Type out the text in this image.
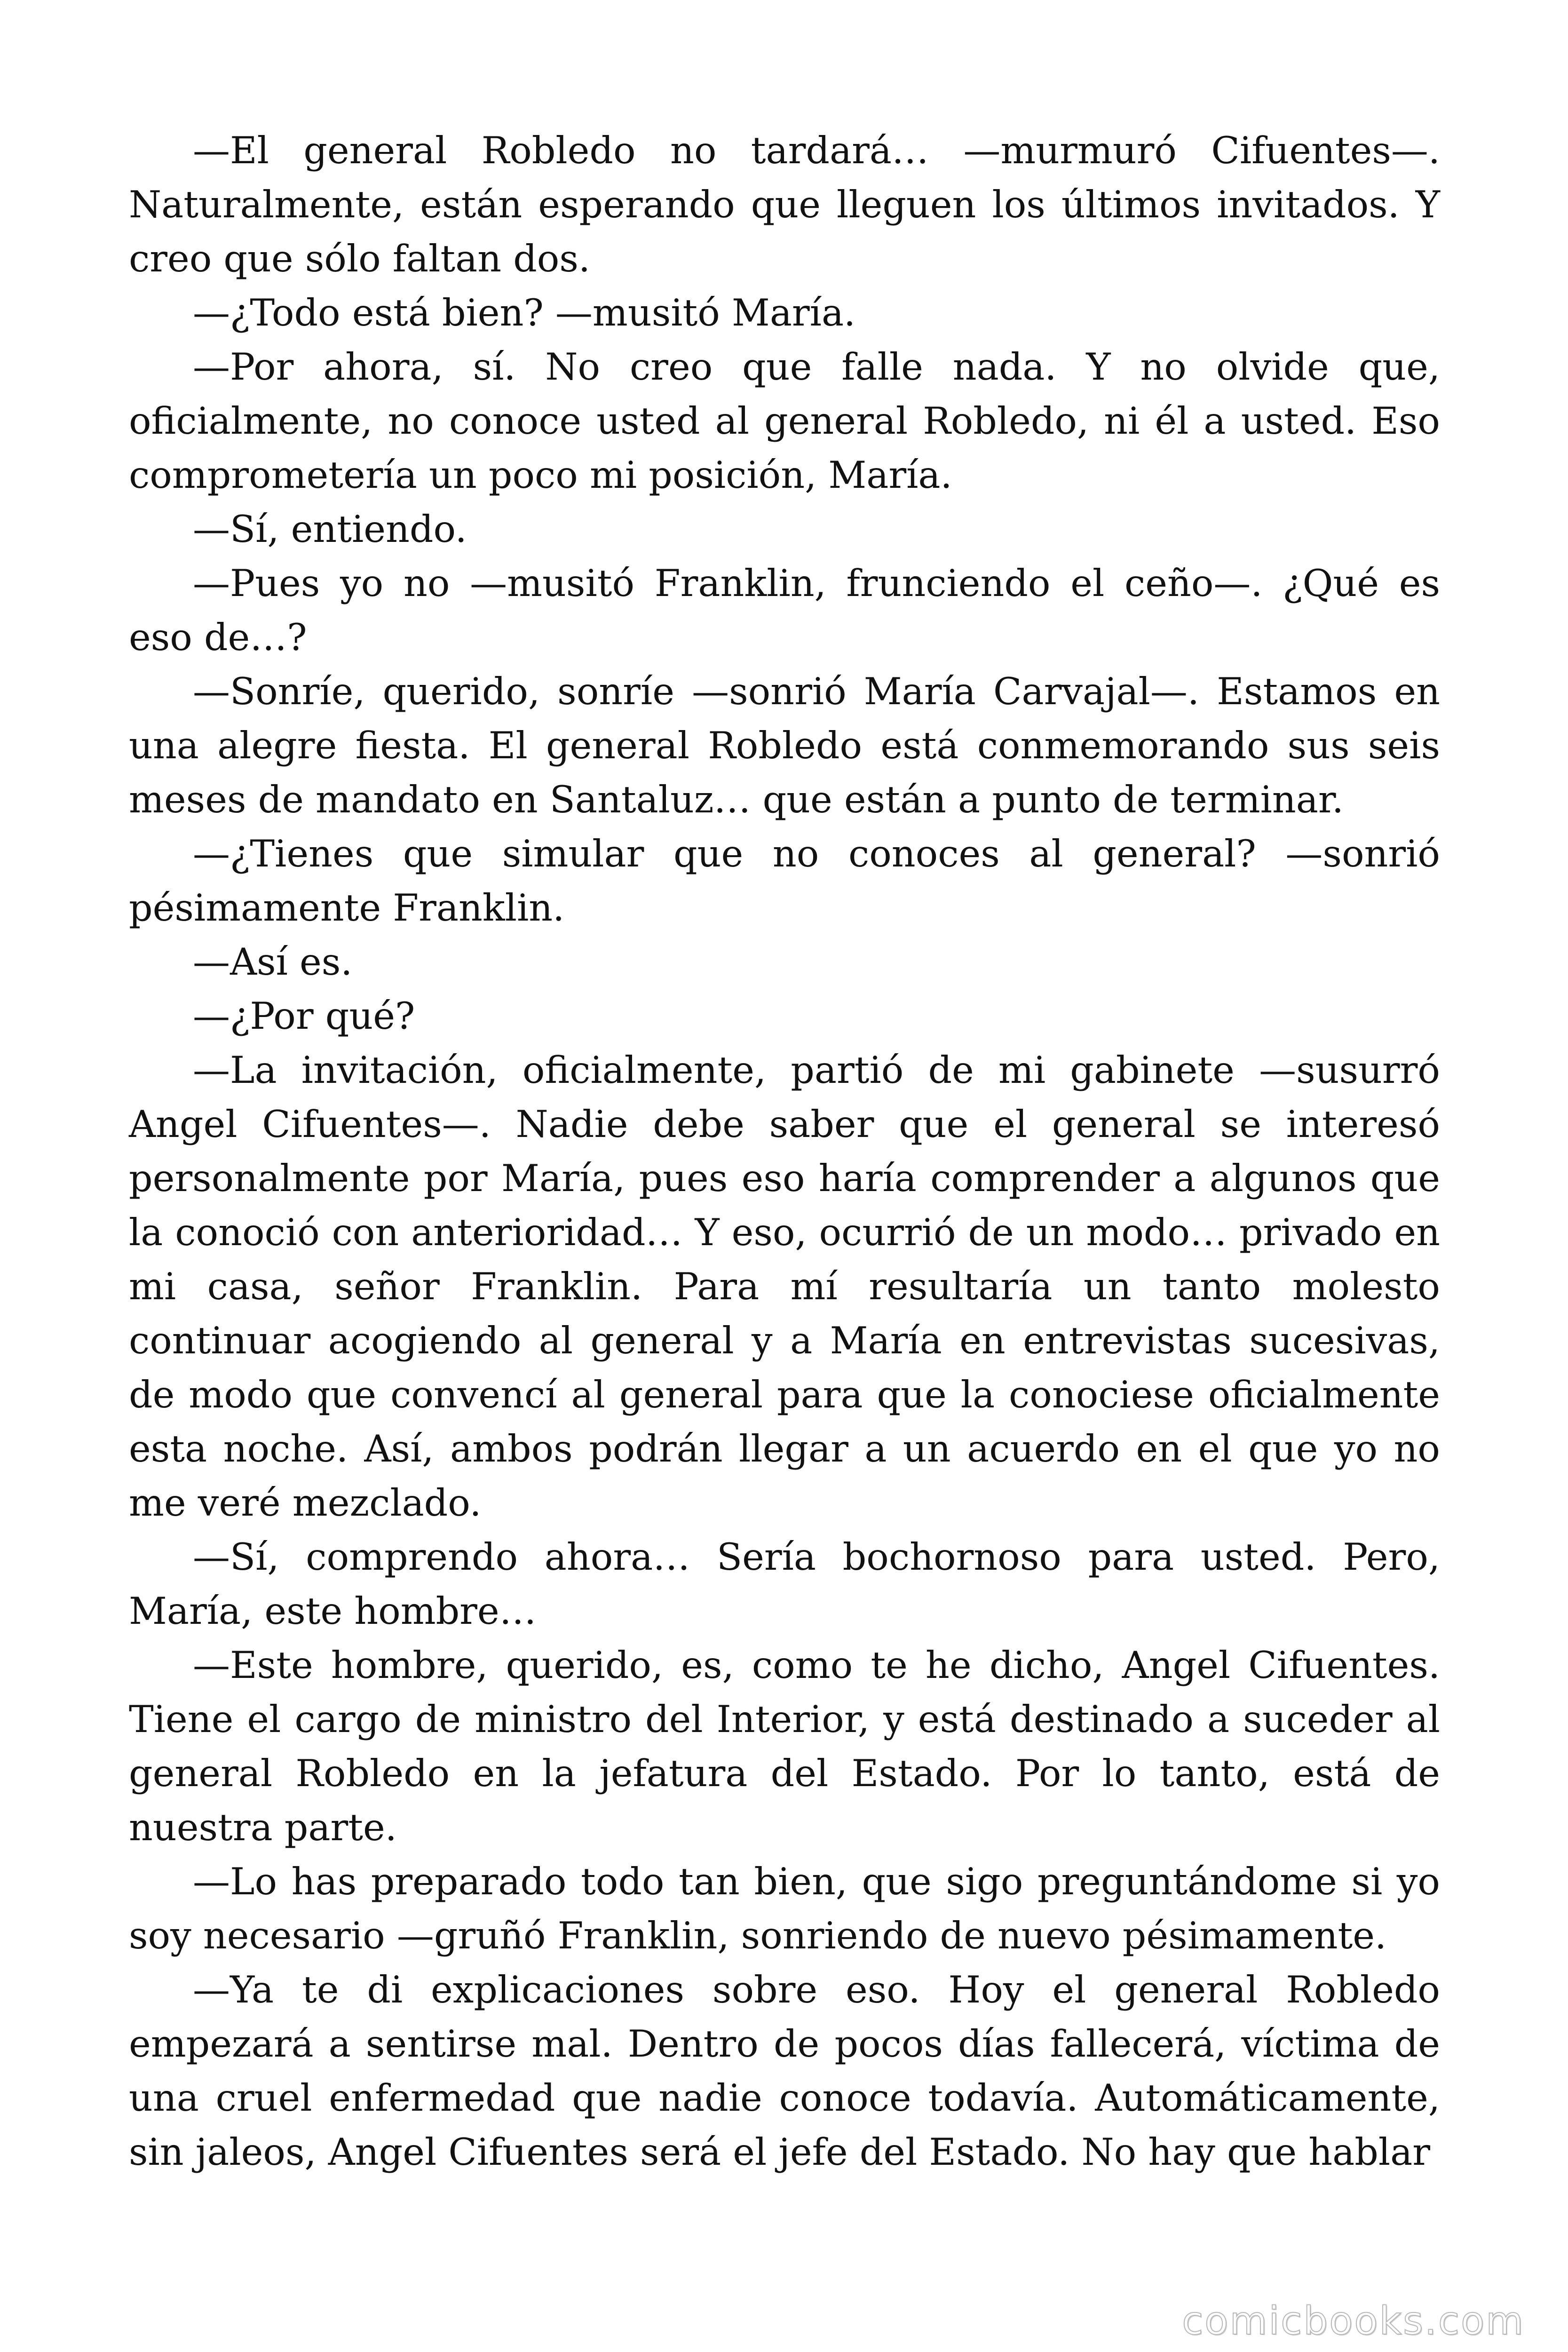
—El general Robledo no tardará… —murmuró Cifuentes—. Naturalmente, están esperando que lleguen los últimos invitados. Y creo que sólo faltan dos.

—¿Todo está bien? —musitó María.

—Por ahora, sí. No creo que falle nada. Y no olvide que, oficialmente, no conoce usted al general Robledo, ni él a usted. Eso comprometería un poco mi posición, María.

—Sí, entiendo.

—Pues yo no —musitó Franklin, frunciendo el ceño—. ¿Qué es eso de…?

—Sonríe, querido, sonríe —sonrió María Carvajal—. Estamos en una alegre fiesta. El general Robledo está conmemorando sus seis meses de mandato en Santaluz… que están a punto de terminar.

—¿Tienes que simular que no conoces al general? —sonrió pésimamente Franklin.

—Así es.

—¿Por qué?

—La invitación, oficialmente, partió de mi gabinete —susurró Angel Cifuentes—. Nadie debe saber que el general se interesó personalmente por María, pues eso haría comprender a algunos que la conoció con anterioridad… Y eso, ocurrió de un modo… privado en mi casa, señor Franklin. Para mí resultaría un tanto molesto continuar acogiendo al general y a María en entrevistas sucesivas, de modo que convencí al general para que la conociese oficialmente esta noche. Así, ambos podrán llegar a un acuerdo en el que yo no me veré mezclado.

—Sí, comprendo ahora… Sería bochornoso para usted. Pero, María, este hombre…

—Este hombre, querido, es, como te he dicho, Angel Cifuentes. Tiene el cargo de ministro del Interior, y está destinado a suceder al general Robledo en la jefatura del Estado. Por lo tanto, está de nuestra parte.

—Lo has preparado todo tan bien, que sigo preguntándome si yo soy necesario —gruñó Franklin, sonriendo de nuevo pésimamente.

—Ya te di explicaciones sobre eso. Hoy el general Robledo empezará a sentirse mal. Dentro de pocos días fallecerá, víctima de una cruel enfermedad que nadie conoce todavía. Automáticamente, sin jaleos, Angel Cifuentes será el jefe del Estado. No hay que hablar

comicbooks.com
